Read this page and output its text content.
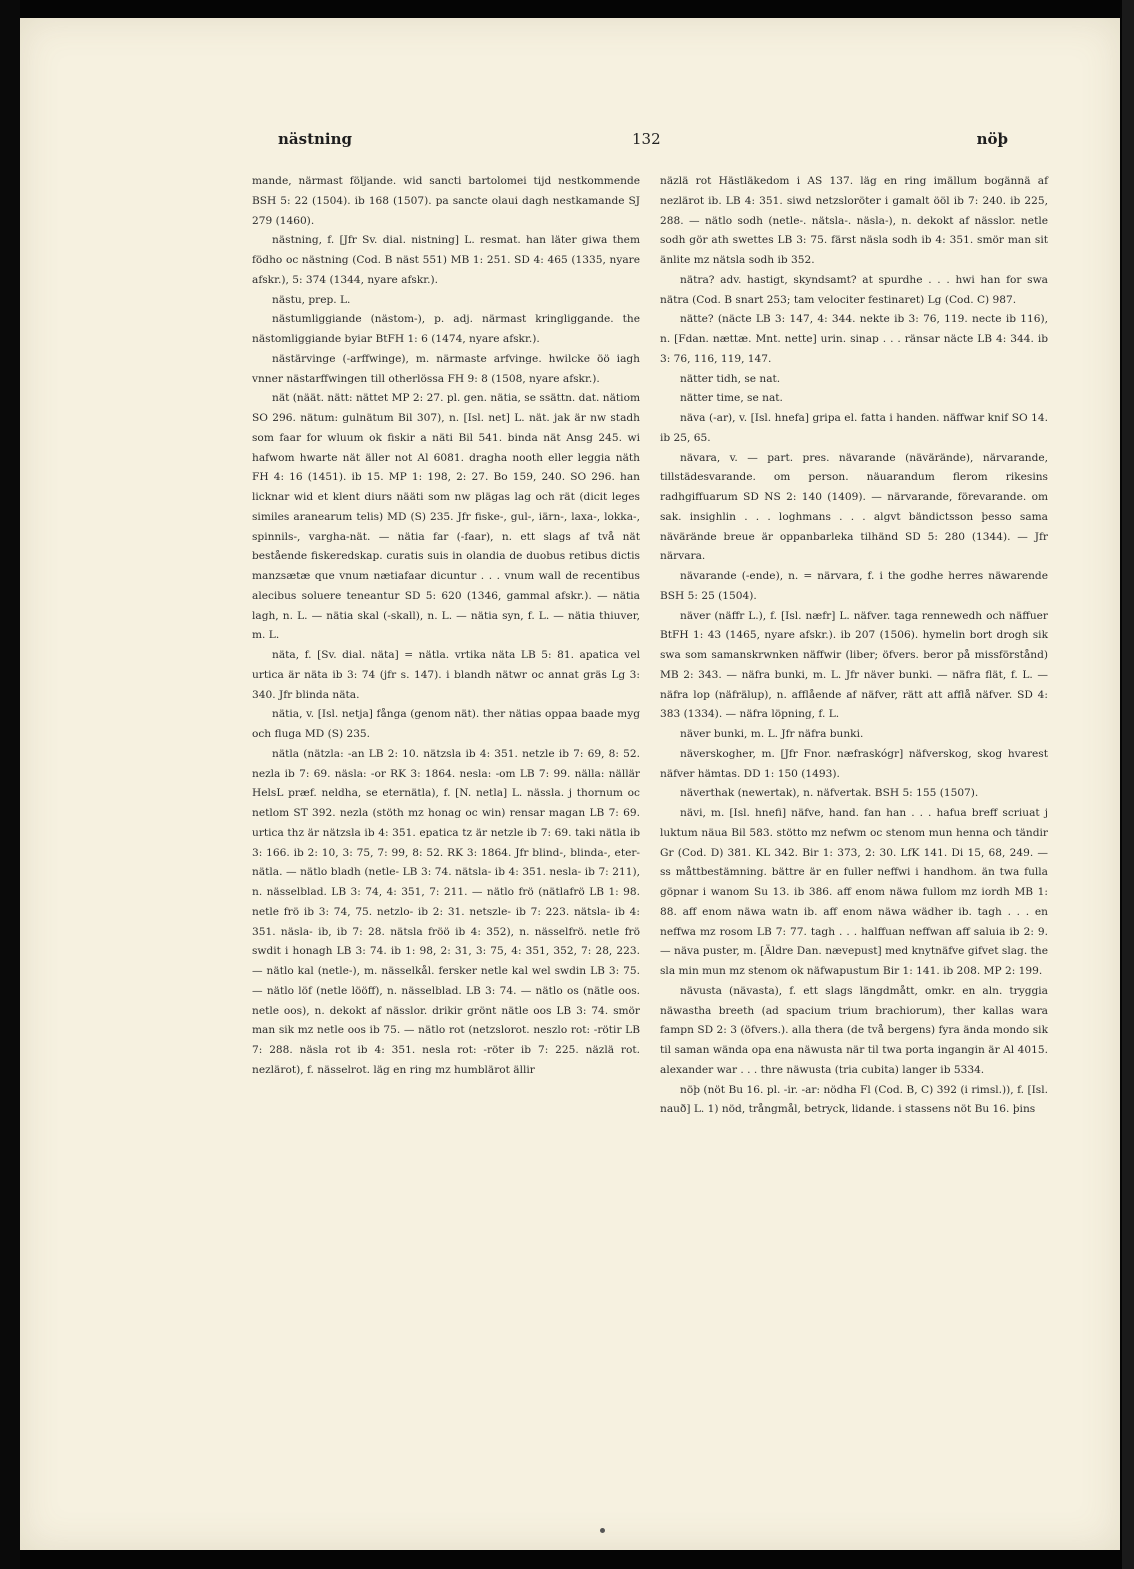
nästning	132	nöþ

mande, närmast följande. wid sancti bartolomei tijd nestkommende BSH 5: 22 (1504). ib 168 (1507). pa sancte olaui dagh nestkamande SJ 279 (1460).

nästning, f. [Jfr Sv. dial. nistning] L. resmat. han läter giwa them födho oc nästning (Cod. B näst 551) MB 1: 251. SD 4: 465 (1335, nyare afskr.), 5: 374 (1344, nyare afskr.).

nästu, prep. L.

nästumliggiande (nästom-), p. adj. närmast kringliggande. the nästomliggiande byiar BtFH 1: 6 (1474, nyare afskr.).

nästärvinge (-arffwinge), m. närmaste arfvinge. hwilcke öö iagh vnner nästarffwingen till otherlössa FH 9: 8 (1508, nyare afskr.).

nät (näät. nätt: nättet MP 2: 27. pl. gen. nätia, se ssättn. dat. nätiom SO 296. nätum: gulnätum Bil 307), n. [Isl. net] L. nät. jak är nw stadh som faar for wluum ok fiskir a näti Bil 541. binda nät Ansg 245. wi hafwom hwarte nät äller not Al 6081. dragha nooth eller leggia näth FH 4: 16 (1451). ib 15. MP 1: 198, 2: 27. Bo 159, 240. SO 296. han licknar wid et klent diurs nääti som nw plägas lag och rät (dicit leges similes aranearum telis) MD (S) 235. Jfr fiske-, gul-, iärn-, laxa-, lokka-, spinnils-, vargha-nät. — nätia far (-faar), n. ett slags af två nät bestående fiskeredskap. curatis suis in olandia de duobus retibus dictis manzsætæ que vnum nætiafaar dicuntur . . . vnum wall de recentibus alecibus soluere teneantur SD 5: 620 (1346, gammal afskr.). — nätia lagh, n. L. — nätia skal (-skall), n. L. — nätia syn, f. L. — nätia thiuver, m. L.

näta, f. [Sv. dial. näta] = nätla. vrtika näta LB 5: 81. apatica vel urtica är näta ib 3: 74 (jfr s. 147). i blandh nätwr oc annat gräs Lg 3: 340. Jfr blinda näta.

nätia, v. [Isl. netja] fånga (genom nät). ther nätias oppaa baade myg och fluga MD (S) 235.

nätla (nätzla: -an LB 2: 10. nätzsla ib 4: 351. netzle ib 7: 69, 8: 52. nezla ib 7: 69. näsla: -or RK 3: 1864. nesla: -om LB 7: 99. nälla: nällär HelsL præf. neldha, se eternätla), f. [N. netla] L. nässla. j thornum oc netlom ST 392. nezla (stöth mz honag oc win) rensar magan LB 7: 69. urtica thz är nätzsla ib 4: 351. epatica tz är netzle ib 7: 69. taki nätla ib 3: 166. ib 2: 10, 3: 75, 7: 99, 8: 52. RK 3: 1864. Jfr blind-, blinda-, eter-nätla. — nätlo bladh (netle- LB 3: 74. nätsla- ib 4: 351. nesla- ib 7: 211), n. nässelblad. LB 3: 74, 4: 351, 7: 211. — nätlo frö (nätlafrö LB 1: 98. netle frö ib 3: 74, 75. netzlo- ib 2: 31. netszle- ib 7: 223. nätsla- ib 4: 351. näsla- ib, ib 7: 28. nätsla fröö ib 4: 352), n. nässelfrö. netle frö swdit i honagh LB 3: 74. ib 1: 98, 2: 31, 3: 75, 4: 351, 352, 7: 28, 223. — nätlo kal (netle-), m. nässelkål. fersker netle kal wel swdin LB 3: 75. — nätlo löf (netle lööff), n. nässelblad. LB 3: 74. — nätlo os (nätle oos. netle oos), n. dekokt af nässlor. drikir grönt nätle oos LB 3: 74. smör man sik mz netle oos ib 75. — nätlo rot (netzslorot. neszlo rot: -rötir LB 7: 288. näsla rot ib 4: 351. nesla rot: -röter ib 7: 225. näzlä rot. nezlärot), f. nässelrot. läg en ring mz humblärot ällir

näzlä rot Hästläkedom i AS 137. läg en ring imällum bogännä af nezlärot ib. LB 4: 351. siwd netzsloröter i gamalt ööl ib 7: 240. ib 225, 288. — nätlo sodh (netle-. nätsla-. näsla-), n. dekokt af nässlor. netle sodh gör ath swettes LB 3: 75. färst näsla sodh ib 4: 351. smör man sit änlite mz nätsla sodh ib 352.

nätra? adv. hastigt, skyndsamt? at spurdhe . . . hwi han for swa nätra (Cod. B snart 253; tam velociter festinaret) Lg (Cod. C) 987.

nätte? (näcte LB 3: 147, 4: 344. nekte ib 3: 76, 119. necte ib 116), n. [Fdan. nættæ. Mnt. nette] urin. sinap . . . ränsar näcte LB 4: 344. ib 3: 76, 116, 119, 147.

nätter tidh, se nat.

nätter time, se nat.

näva (-ar), v. [Isl. hnefa] gripa el. fatta i handen. näffwar knif SO 14. ib 25, 65.

nävara, v. — part. pres. nävarande (nävärände), närvarande, tillstädesvarande. om person. näuarandum flerom rikesins radhgiffuarum SD NS 2: 140 (1409). — närvarande, förevarande. om sak. insighlin . . . loghmans . . . algvt bändictsson þesso sama nävärände breue är oppanbarleka tilhänd SD 5: 280 (1344). — Jfr närvara.

nävarande (-ende), n. = närvara, f. i the godhe herres näwarende BSH 5: 25 (1504).

näver (näffr L.), f. [Isl. næfr] L. näfver. taga rennewedh och näffuer BtFH 1: 43 (1465, nyare afskr.). ib 207 (1506). hymelin bort drogh sik swa som samanskrwnken näffwir (liber; öfvers. beror på missförstånd) MB 2: 343. — näfra bunki, m. L. Jfr näver bunki. — näfra flät, f. L. — näfra lop (näfrälup), n. afflående af näfver, rätt att afflå näfver. SD 4: 383 (1334). — näfra löpning, f. L.

näver bunki, m. L. Jfr näfra bunki.

näverskogher, m. [Jfr Fnor. næfraskógr] näfverskog, skog hvarest näfver hämtas. DD 1: 150 (1493).

näverthak (newertak), n. näfvertak. BSH 5: 155 (1507).

nävi, m. [Isl. hnefi] näfve, hand. fan han . . . hafua breff scriuat j luktum näua Bil 583. stötto mz nefwm oc stenom mun henna och tändir Gr (Cod. D) 381. KL 342. Bir 1: 373, 2: 30. LfK 141. Di 15, 68, 249. — ss måttbestämning. bättre är en fuller neffwi i handhom. än twa fulla göpnar i wanom Su 13. ib 386. aff enom näwa fullom mz iordh MB 1: 88. aff enom näwa watn ib. aff enom näwa wädher ib. tagh . . . en neffwa mz rosom LB 7: 77. tagh . . . halffuan neffwan aff saluia ib 2: 9. — näva puster, m. [Äldre Dan. nævepust] med knytnäfve gifvet slag. the sla min mun mz stenom ok näfwapustum Bir 1: 141. ib 208. MP 2: 199.

nävusta (nävasta), f. ett slags längdmått, omkr. en aln. tryggia näwastha breeth (ad spacium trium brachiorum), ther kallas wara fampn SD 2: 3 (öfvers.). alla thera (de två bergens) fyra ända mondo sik til saman wända opa ena näwusta när til twa porta ingangin är Al 4015. alexander war . . . thre näwusta (tria cubita) langer ib 5334.

nöþ (nöt Bu 16. pl. -ir. -ar: nödha Fl (Cod. B, C) 392 (i rimsl.)), f. [Isl. nauð] L. 1) nöd, trångmål, betryck, lidande. i stassens nöt Bu 16. þins
